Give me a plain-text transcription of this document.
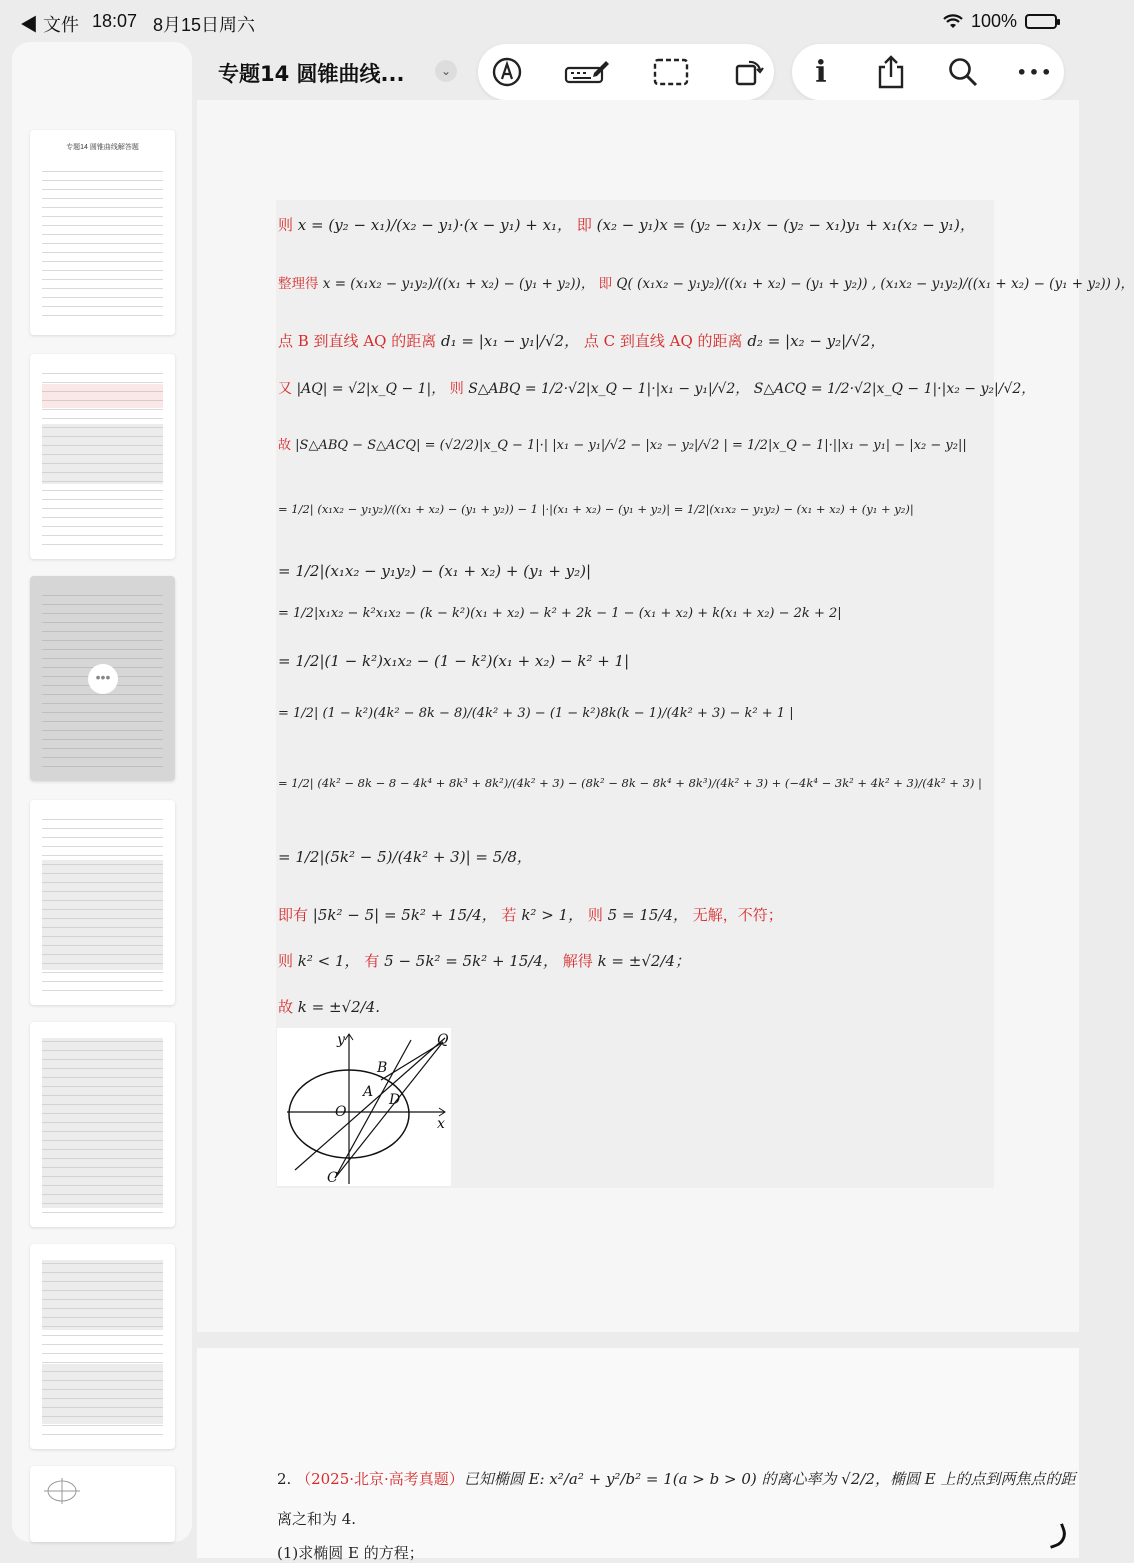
◀ 文件 18:07 8月15日周六	100%
专题14 圆锥曲线...	⌄	i	•••
专题14 圆锥曲线解答题
•••
则 x = (y₂ − x₁)/(x₂ − y₁)·(x − y₁) + x₁， 即 (x₂ − y₁)x = (y₂ − x₁)x − (y₂ − x₁)y₁ + x₁(x₂ − y₁)，
整理得 x = (x₁x₂ − y₁y₂)/((x₁ + x₂) − (y₁ + y₂))， 即 Q( (x₁x₂ − y₁y₂)/((x₁ + x₂) − (y₁ + y₂)) , (x₁x₂ − y₁y₂)/((x₁ + x₂) − (y₁ + y₂)) )，
点 B 到直线 AQ 的距离 d₁ = |x₁ − y₁|/√2， 点 C 到直线 AQ 的距离 d₂ = |x₂ − y₂|/√2，
又 |AQ| = √2|x_Q − 1|， 则 S△ABQ = 1/2·√2|x_Q − 1|·|x₁ − y₁|/√2， S△ACQ = 1/2·√2|x_Q − 1|·|x₂ − y₂|/√2，
故 |S△ABQ − S△ACQ| = (√2/2)|x_Q − 1|·| |x₁ − y₁|/√2 − |x₂ − y₂|/√2 | = 1/2|x_Q − 1|·||x₁ − y₁| − |x₂ − y₂||
= 1/2| (x₁x₂ − y₁y₂)/((x₁ + x₂) − (y₁ + y₂)) − 1 |·|(x₁ + x₂) − (y₁ + y₂)| = 1/2|(x₁x₂ − y₁y₂) − (x₁ + x₂) + (y₁ + y₂)|
= 1/2|(x₁x₂ − y₁y₂) − (x₁ + x₂) + (y₁ + y₂)|
= 1/2|x₁x₂ − k²x₁x₂ − (k − k²)(x₁ + x₂) − k² + 2k − 1 − (x₁ + x₂) + k(x₁ + x₂) − 2k + 2|
= 1/2|(1 − k²)x₁x₂ − (1 − k²)(x₁ + x₂) − k² + 1|
= 1/2| (1 − k²)(4k² − 8k − 8)/(4k² + 3) − (1 − k²)8k(k − 1)/(4k² + 3) − k² + 1 |
= 1/2| (4k² − 8k − 8 − 4k⁴ + 8k³ + 8k²)/(4k² + 3) − (8k² − 8k − 8k⁴ + 8k³)/(4k² + 3) + (−4k⁴ − 3k² + 4k² + 3)/(4k² + 3) |
= 1/2|(5k² − 5)/(4k² + 3)| = 5/8，
即有 |5k² − 5| = 5k² + 15/4， 若 k² > 1， 则 5 = 15/4， 无解，不符；
则 k² < 1， 有 5 − 5k² = 5k² + 15/4， 解得 k = ±√2/4；
故 k = ±√2/4.
y	Q
B
A D
O
x
C
2. （2025·北京·高考真题）已知椭圆 E: x²/a² + y²/b² = 1(a > b > 0) 的离心率为 √2/2，椭圆 E 上的点到两焦点的距
离之和为 4.
(1)求椭圆 E 的方程；
